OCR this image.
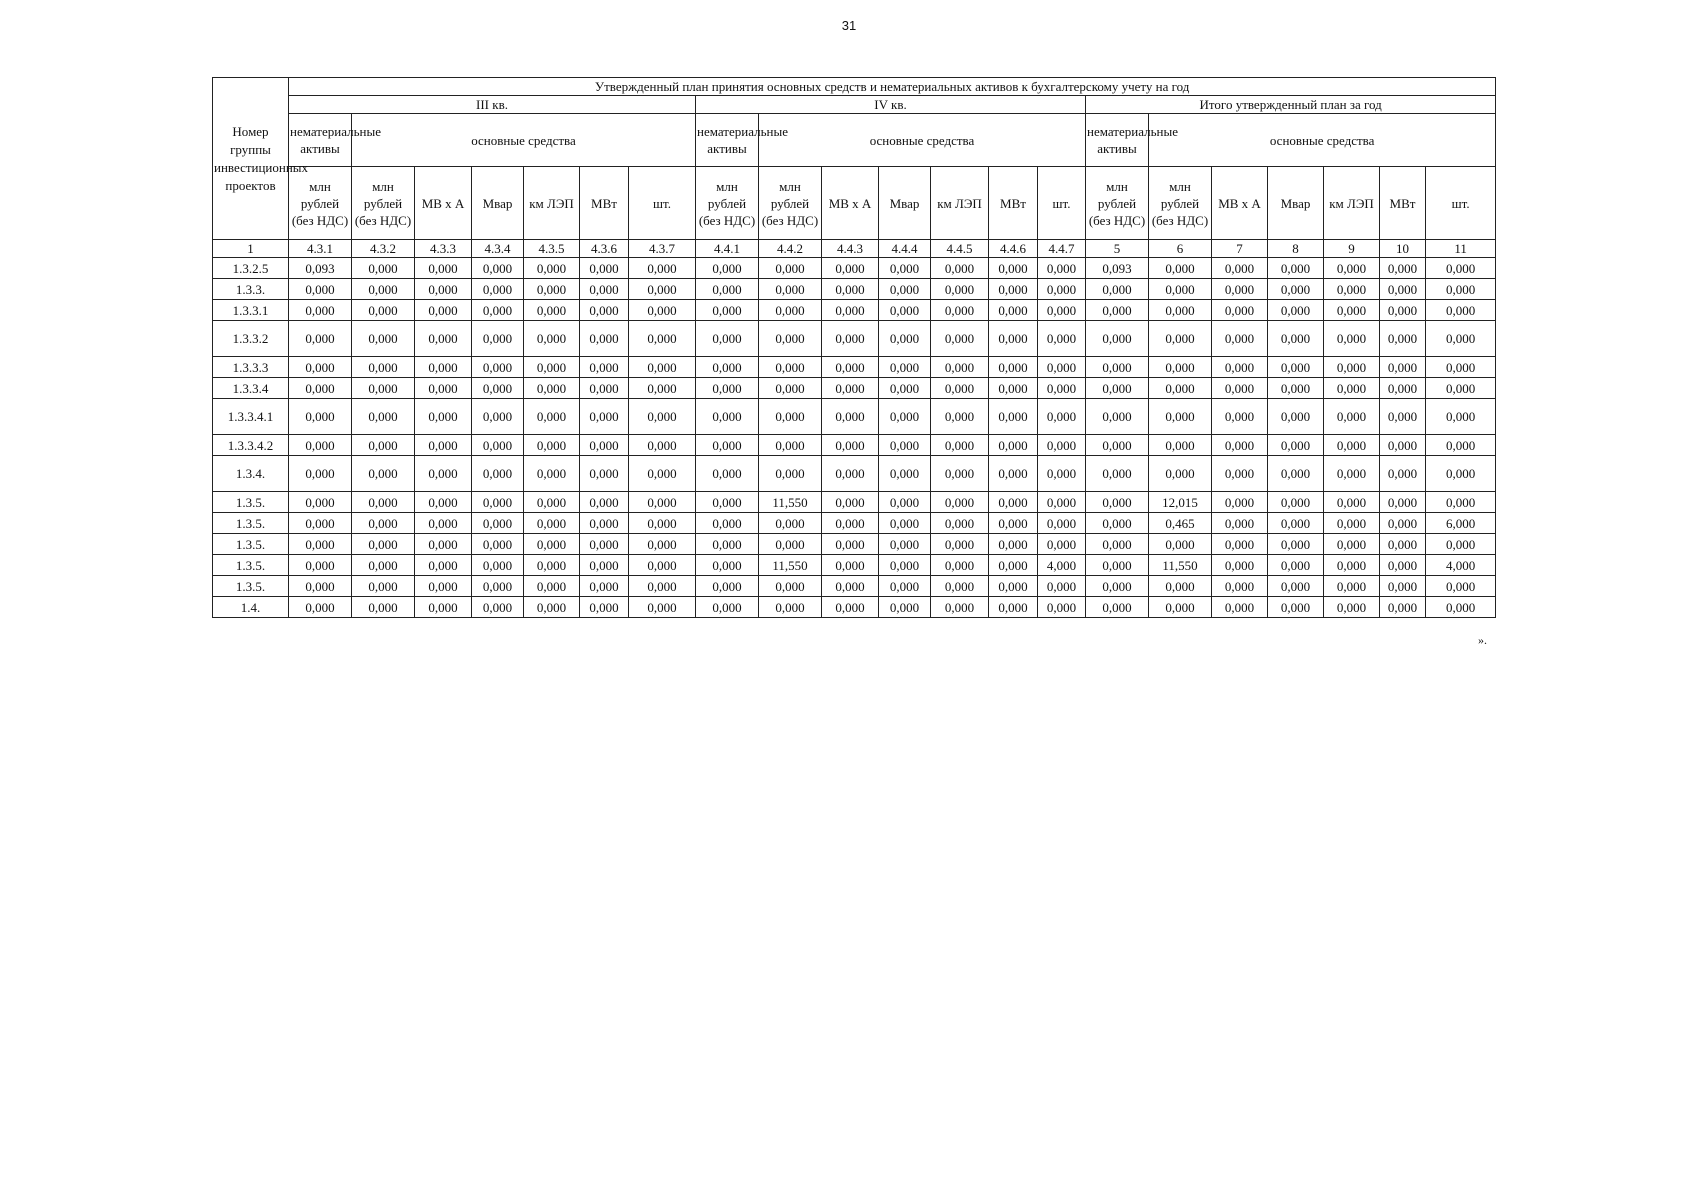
31
Номер группы инвестиционных проектов	Утвержденный план принятия основных средств и нематериальных активов к бухгалтерскому учету на год																				
	III кв.							IV кв.							Итого утвержденный план за год						
	нематериальные активы	основные средства						нематериальные активы	основные средства						нематериальные активы	основные средства					
	млн рублей (без НДС)	млн рублей (без НДС)	МВ х А	Мвар	км ЛЭП	МВт	шт.	млн рублей (без НДС)	млн рублей (без НДС)	МВ х А	Мвар	км ЛЭП	МВт	шт.	млн рублей (без НДС)	млн рублей (без НДС)	МВ х А	Мвар	км ЛЭП	МВт	шт.
1	4.3.1	4.3.2	4.3.3	4.3.4	4.3.5	4.3.6	4.3.7	4.4.1	4.4.2	4.4.3	4.4.4	4.4.5	4.4.6	4.4.7	5	6	7	8	9	10	11
1.3.2.5	0,093	0,000	0,000	0,000	0,000	0,000	0,000	0,000	0,000	0,000	0,000	0,000	0,000	0,000	0,093	0,000	0,000	0,000	0,000	0,000	0,000
1.3.3.	0,000	0,000	0,000	0,000	0,000	0,000	0,000	0,000	0,000	0,000	0,000	0,000	0,000	0,000	0,000	0,000	0,000	0,000	0,000	0,000	0,000
1.3.3.1	0,000	0,000	0,000	0,000	0,000	0,000	0,000	0,000	0,000	0,000	0,000	0,000	0,000	0,000	0,000	0,000	0,000	0,000	0,000	0,000	0,000
1.3.3.2	0,000	0,000	0,000	0,000	0,000	0,000	0,000	0,000	0,000	0,000	0,000	0,000	0,000	0,000	0,000	0,000	0,000	0,000	0,000	0,000	0,000
1.3.3.3	0,000	0,000	0,000	0,000	0,000	0,000	0,000	0,000	0,000	0,000	0,000	0,000	0,000	0,000	0,000	0,000	0,000	0,000	0,000	0,000	0,000
1.3.3.4	0,000	0,000	0,000	0,000	0,000	0,000	0,000	0,000	0,000	0,000	0,000	0,000	0,000	0,000	0,000	0,000	0,000	0,000	0,000	0,000	0,000
1.3.3.4.1	0,000	0,000	0,000	0,000	0,000	0,000	0,000	0,000	0,000	0,000	0,000	0,000	0,000	0,000	0,000	0,000	0,000	0,000	0,000	0,000	0,000
1.3.3.4.2	0,000	0,000	0,000	0,000	0,000	0,000	0,000	0,000	0,000	0,000	0,000	0,000	0,000	0,000	0,000	0,000	0,000	0,000	0,000	0,000	0,000
1.3.4.	0,000	0,000	0,000	0,000	0,000	0,000	0,000	0,000	0,000	0,000	0,000	0,000	0,000	0,000	0,000	0,000	0,000	0,000	0,000	0,000	0,000
1.3.5.	0,000	0,000	0,000	0,000	0,000	0,000	0,000	0,000	11,550	0,000	0,000	0,000	0,000	0,000	0,000	12,015	0,000	0,000	0,000	0,000	0,000
1.3.5.	0,000	0,000	0,000	0,000	0,000	0,000	0,000	0,000	0,000	0,000	0,000	0,000	0,000	0,000	0,000	0,465	0,000	0,000	0,000	0,000	6,000
1.3.5.	0,000	0,000	0,000	0,000	0,000	0,000	0,000	0,000	0,000	0,000	0,000	0,000	0,000	0,000	0,000	0,000	0,000	0,000	0,000	0,000	0,000
1.3.5.	0,000	0,000	0,000	0,000	0,000	0,000	0,000	0,000	11,550	0,000	0,000	0,000	0,000	4,000	0,000	11,550	0,000	0,000	0,000	0,000	4,000
1.3.5.	0,000	0,000	0,000	0,000	0,000	0,000	0,000	0,000	0,000	0,000	0,000	0,000	0,000	0,000	0,000	0,000	0,000	0,000	0,000	0,000	0,000
1.4.	0,000	0,000	0,000	0,000	0,000	0,000	0,000	0,000	0,000	0,000	0,000	0,000	0,000	0,000	0,000	0,000	0,000	0,000	0,000	0,000	0,000
».
